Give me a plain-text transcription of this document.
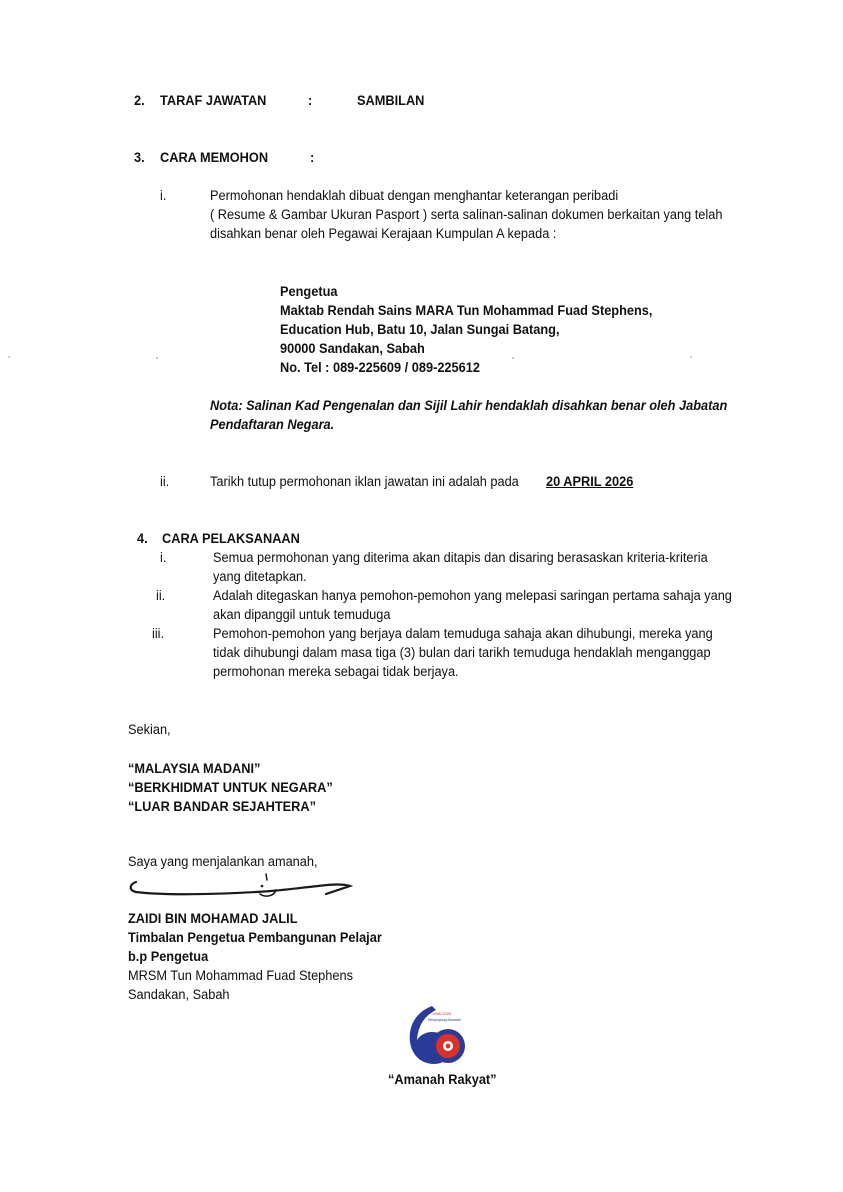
2. TARAF JAWATAN	:	SAMBILAN
3. CARA MEMOHON	:
i.	Permohonan hendaklah dibuat dengan menghantar keterangan peribadi
( Resume & Gambar Ukuran Pasport ) serta salinan-salinan dokumen berkaitan yang telah
disahkan benar oleh Pegawai Kerajaan Kumpulan A kepada :
Pengetua
Maktab Rendah Sains MARA Tun Mohammad Fuad Stephens,
Education Hub, Batu 10, Jalan Sungai Batang,
90000 Sandakan, Sabah
No. Tel : 089-225609 / 089-225612
Nota: Salinan Kad Pengenalan dan Sijil Lahir hendaklah disahkan benar oleh Jabatan
Pendaftaran Negara.
ii.	Tarikh tutup permohonan iklan jawatan ini adalah pada 20 APRIL 2026
4. CARA PELAKSANAAN
i.	Semua permohonan yang diterima akan ditapis dan disaring berasaskan kriteria-kriteria
yang ditetapkan.
ii.	Adalah ditegaskan hanya pemohon-pemohon yang melepasi saringan pertama sahaja yang
akan dipanggil untuk temuduga
iii.	Pemohon-pemohon yang berjaya dalam temuduga sahaja akan dihubungi, mereka yang
tidak dihubungi dalam masa tiga (3) bulan dari tarikh temuduga hendaklah menganggap
permohonan mereka sebagai tidak berjaya.
Sekian,
“MALAYSIA MADANI”
“BERKHIDMAT UNTUK NEGARA”
“LUAR BANDAR SEJAHTERA”
Saya yang menjalankan amanah,
ZAIDI BIN MOHAMAD JALIL
Timbalan Pengetua Pembangunan Pelajar
b.p Pengetua
MRSM Tun Mohammad Fuad Stephens
Sandakan, Sabah
1966-2026
Menjunjung Amanah
“Amanah Rakyat”
